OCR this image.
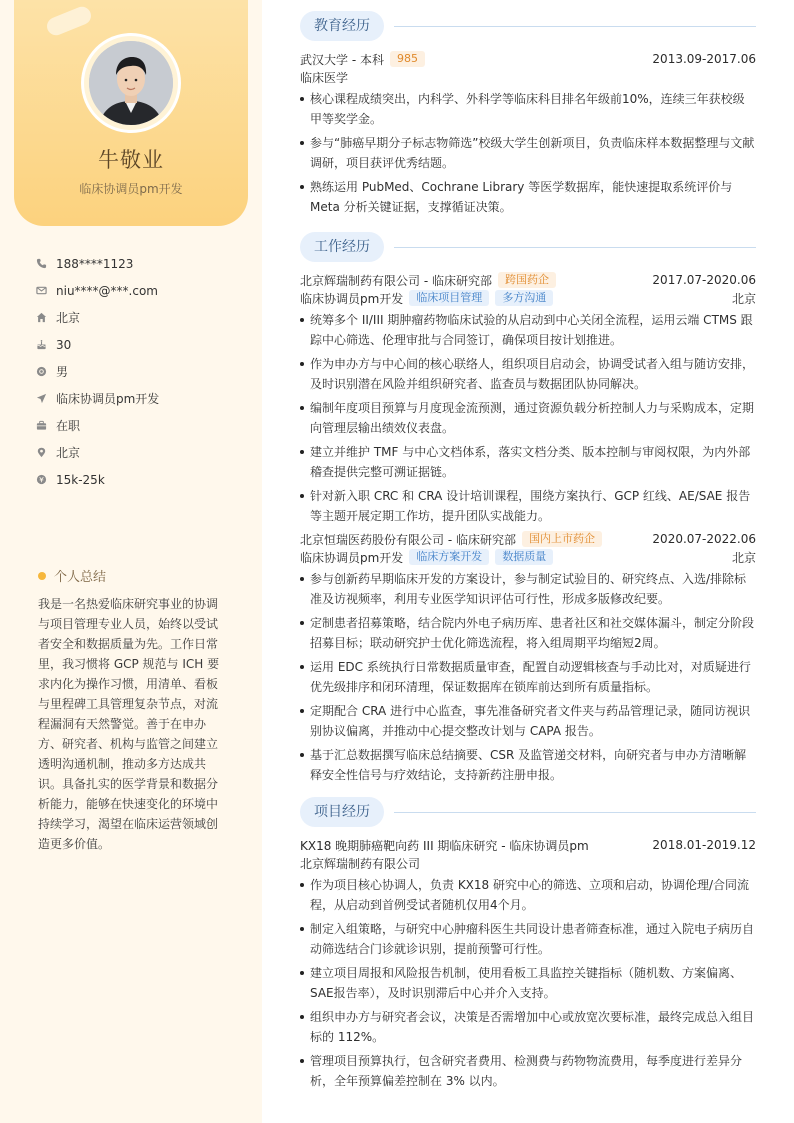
牛敬业
临床协调员pm开发
188****1123
niu****@***.com
北京
30
男
临床协调员pm开发
在职
北京
15k-25k
个人总结
我是一名热爱临床研究事业的协调与项目管理专业人员，始终以受试者安全和数据质量为先。工作日常里，我习惯将 GCP 规范与 ICH 要求内化为操作习惯，用清单、看板与里程碑工具管理复杂节点，对流程漏洞有天然警觉。善于在申办方、研究者、机构与监管之间建立透明沟通机制，推动多方达成共识。具备扎实的医学背景和数据分析能力，能够在快速变化的环境中持续学习，渴望在临床运营领域创造更多价值。
教育经历
武汉大学 - 本科	985	2013.09-2017.06
临床医学
核心课程成绩突出，内科学、外科学等临床科目排名年级前10%，连续三年获校级甲等奖学金。
参与“肺癌早期分子标志物筛选”校级大学生创新项目，负责临床样本数据整理与文献调研，项目获评优秀结题。
熟练运用 PubMed、Cochrane Library 等医学数据库，能快速提取系统评价与 Meta 分析关键证据，支撑循证决策。
工作经历
北京辉瑞制药有限公司 - 临床研究部	跨国药企	2017.07-2020.06
临床协调员pm开发	临床项目管理	多方沟通	北京
统筹多个 II/III 期肿瘤药物临床试验的从启动到中心关闭全流程，运用云端 CTMS 跟踪中心筛选、伦理审批与合同签订，确保项目按计划推进。
作为申办方与中心间的核心联络人，组织项目启动会，协调受试者入组与随访安排，及时识别潜在风险并组织研究者、监查员与数据团队协同解决。
编制年度项目预算与月度现金流预测，通过资源负载分析控制人力与采购成本，定期向管理层输出绩效仪表盘。
建立并维护 TMF 与中心文档体系，落实文档分类、版本控制与审阅权限，为内外部稽查提供完整可溯证据链。
针对新入职 CRC 和 CRA 设计培训课程，围绕方案执行、GCP 红线、AE/SAE 报告等主题开展定期工作坊，提升团队实战能力。
北京恒瑞医药股份有限公司 - 临床研究部	国内上市药企	2020.07-2022.06
临床协调员pm开发	临床方案开发	数据质量	北京
参与创新药早期临床开发的方案设计，参与制定试验目的、研究终点、入选/排除标准及访视频率，利用专业医学知识评估可行性，形成多版修改纪要。
定制患者招募策略，结合院内外电子病历库、患者社区和社交媒体漏斗，制定分阶段招募目标；联动研究护士优化筛选流程，将入组周期平均缩短2周。
运用 EDC 系统执行日常数据质量审查，配置自动逻辑核查与手动比对，对质疑进行优先级排序和闭环清理，保证数据库在锁库前达到所有质量指标。
定期配合 CRA 进行中心监查，事先准备研究者文件夹与药品管理记录，随同访视识别协议偏离，并推动中心提交整改计划与 CAPA 报告。
基于汇总数据撰写临床总结摘要、CSR 及监管递交材料，向研究者与申办方清晰解释安全性信号与疗效结论，支持新药注册申报。
项目经历
KX18 晚期肺癌靶向药 III 期临床研究 - 临床协调员pm	2018.01-2019.12
北京辉瑞制药有限公司
作为项目核心协调人，负责 KX18 研究中心的筛选、立项和启动，协调伦理/合同流程，从启动到首例受试者随机仅用4个月。
制定入组策略，与研究中心肿瘤科医生共同设计患者筛查标准，通过入院电子病历自动筛选结合门诊就诊识别，提前预警可行性。
建立项目周报和风险报告机制，使用看板工具监控关键指标（随机数、方案偏离、SAE报告率），及时识别滞后中心并介入支持。
组织申办方与研究者会议，决策是否需增加中心或放宽次要标准，最终完成总入组目标的 112%。
管理项目预算执行，包含研究者费用、检测费与药物物流费用，每季度进行差异分析，全年预算偏差控制在 3% 以内。
